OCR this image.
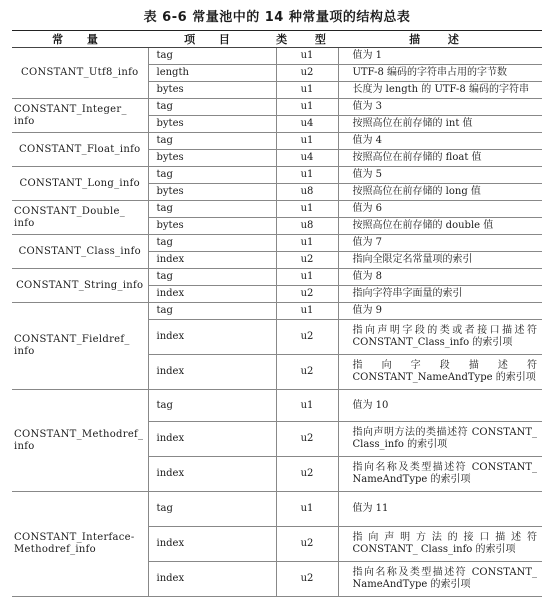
表 6-6 常量池中的 14 种常量项的结构总表
常 量	项 目	类 型	描 述
CONSTANT_Utf8_info	tag	u1	值为 1
	length	u2	UTF-8 编码的字符串占用的字节数
	bytes	u1	长度为 length 的 UTF-8 编码的字符串
CONSTANT_Integer_ info	tag	u1	值为 3
	bytes	u4	按照高位在前存储的 int 值
CONSTANT_Float_info	tag	u1	值为 4
	bytes	u4	按照高位在前存储的 float 值
CONSTANT_Long_info	tag	u1	值为 5
	bytes	u8	按照高位在前存储的 long 值
CONSTANT_Double_ info	tag	u1	值为 6
	bytes	u8	按照高位在前存储的 double 值
CONSTANT_Class_info	tag	u1	值为 7
	index	u2	指向全限定名常量项的索引
CONSTANT_String_info	tag	u1	值为 8
	index	u2	指向字符串字面量的索引
CONSTANT_Fieldref_ info	tag	u1	值为 9
	index	u2	指向声明字段的类或者接口描述符 CONSTANT_Class_info 的索引项
	index	u2	指向字段描述符 CONSTANT_NameAndType 的索引项
CONSTANT_Methodref_ info	tag	u1	值为 10
	index	u2	指向声明方法的类描述符 CONSTANT_ Class_info 的索引项
	index	u2	指向名称及类型描述符 CONSTANT_ NameAndType 的索引项
CONSTANT_Interface- Methodref_info	tag	u1	值为 11
	index	u2	指向声明方法的接口描述符 CONSTANT_ Class_info 的索引项
	index	u2	指向名称及类型描述符 CONSTANT_ NameAndType 的索引项
